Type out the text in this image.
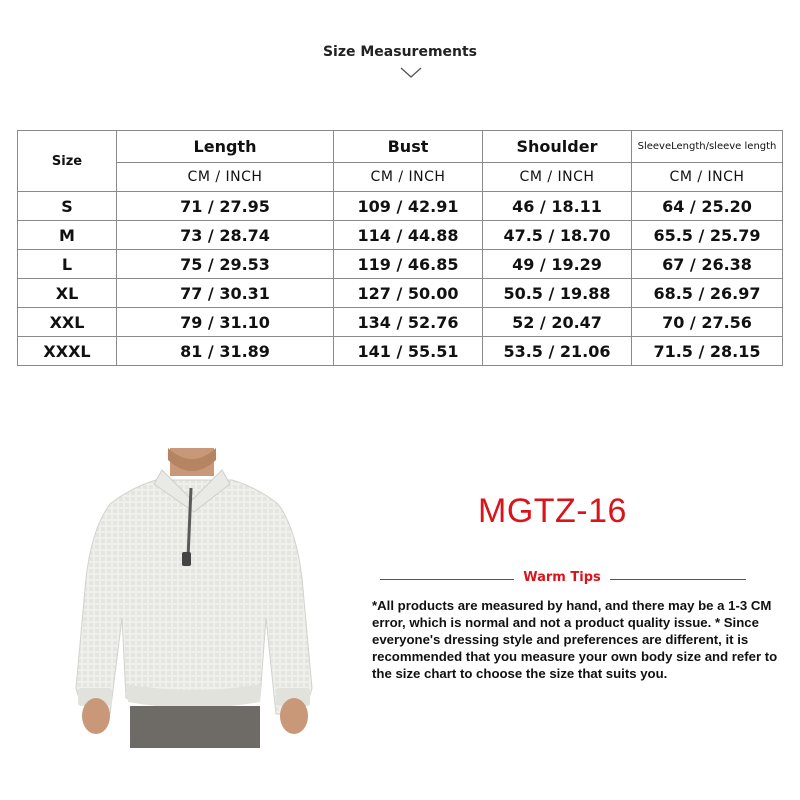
Size Measurements
Size	Length	Bust	Shoulder	SleeveLength/sleeve length
	CM / INCH	CM / INCH	CM / INCH	CM / INCH
S	71 / 27.95	109 / 42.91	46 / 18.11	64 / 25.20
M	73 / 28.74	114 / 44.88	47.5 / 18.70	65.5 / 25.79
L	75 / 29.53	119 / 46.85	49 / 19.29	67 / 26.38
XL	77 / 30.31	127 / 50.00	50.5 / 19.88	68.5 / 26.97
XXL	79 / 31.10	134 / 52.76	52 / 20.47	70 / 27.56
XXXL	81 / 31.89	141 / 55.51	53.5 / 21.06	71.5 / 28.15
MGTZ-16
Warm Tips

*All products are measured by hand, and there may be a 1-3 CM error, which is normal and not a product quality issue. * Since everyone's dressing style and preferences are different, it is recommended that you measure your own body size and refer to the size chart to choose the size that suits you.
